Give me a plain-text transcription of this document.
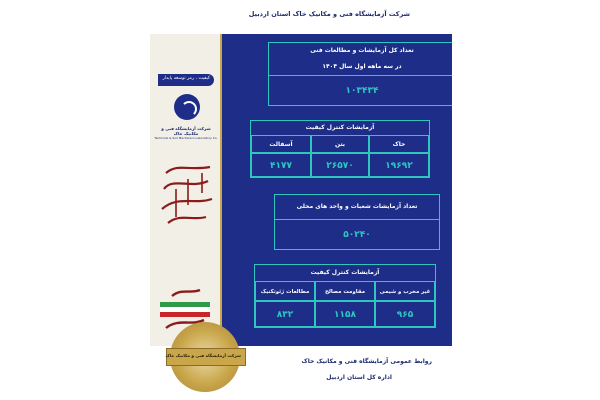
شرکت آزمایشگاه فنی و مکانیک خاک استان اردبیل
کیفیت ، رمز توسعه پایدار
شرکت آزمایشگاه فنی و مکانیک خاک
Technical & Soil Mechanics Laboratory Co.
تعداد کل آزمایشات و مطالعات فنی
در سه ماهه اول سال ۱۴۰۴
۱۰۳۴۳۴
آزمایشات کنترل کیفیت
خاک
بتن
آسفالت
۱۹۶۹۲
۲۶۵۷۰
۴۱۷۷
تعداد آزمایشات شعبات و واحد های محلی
۵۰۲۴۰
آزمایشات کنترل کیفیت
غیر مخرب و شیمی
مقاومت مصالح
مطالعات ژئوتکنیک
۹۶۵
۱۱۵۸
۸۳۲
روابط عمومی آزمایشگاه فنی و مکانیک خاک
اداره کل استان اردبیل
شرکت آزمایشگاه فنی و مکانیک خاک
